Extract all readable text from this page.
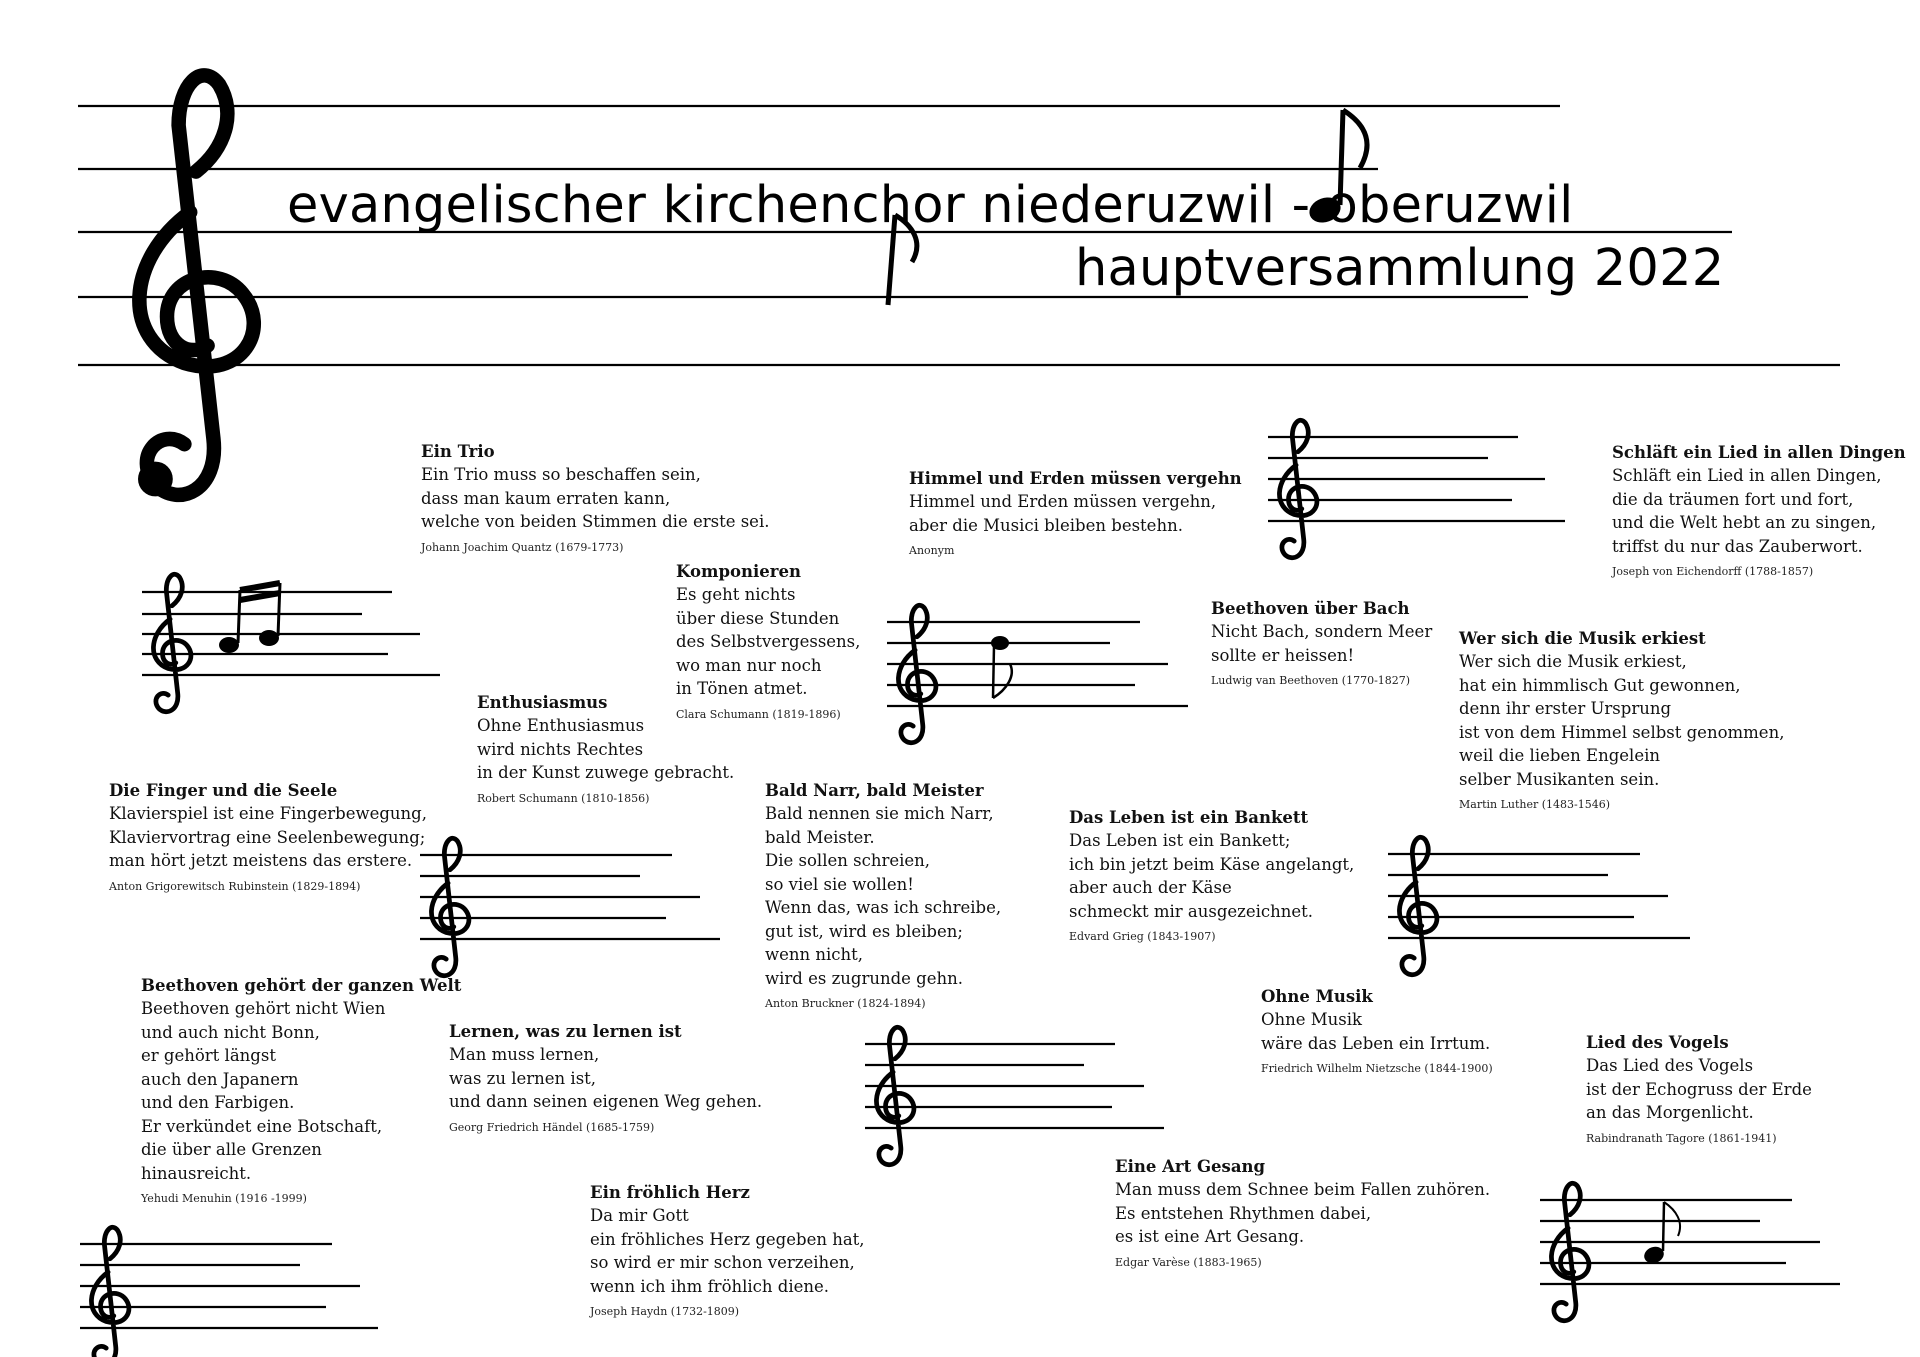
evangelischer kirchenchor niederuzwil - oberuzwil
hauptversammlung 2022
Ein Trio
Ein Trio muss so beschaffen sein,
dass man kaum erraten kann,
welche von beiden Stimmen die erste sei.
Johann Joachim Quantz (1679-1773)
Himmel und Erden müssen vergehn
Himmel und Erden müssen vergehn,
aber die Musici bleiben bestehn.
Anonym
Schläft ein Lied in allen Dingen
Schläft ein Lied in allen Dingen,
die da träumen fort und fort,
und die Welt hebt an zu singen,
triffst du nur das Zauberwort.
Joseph von Eichendorff (1788-1857)
Komponieren
Es geht nichts
über diese Stunden
des Selbstvergessens,
wo man nur noch
in Tönen atmet.
Clara Schumann (1819-1896)
Beethoven über Bach
Nicht Bach, sondern Meer
sollte er heissen!
Ludwig van Beethoven (1770-1827)
Wer sich die Musik erkiest
Wer sich die Musik erkiest,
hat ein himmlisch Gut gewonnen,
denn ihr erster Ursprung
ist von dem Himmel selbst genommen,
weil die lieben Engelein
selber Musikanten sein.
Martin Luther (1483-1546)
Enthusiasmus
Ohne Enthusiasmus
wird nichts Rechtes
in der Kunst zuwege gebracht.
Robert Schumann (1810-1856)
Die Finger und die Seele
Klavierspiel ist eine Fingerbewegung,
Klaviervortrag eine Seelenbewegung;
man hört jetzt meistens das erstere.
Anton Grigorewitsch Rubinstein (1829-1894)
Bald Narr, bald Meister
Bald nennen sie mich Narr,
bald Meister.
Die sollen schreien,
so viel sie wollen!
Wenn das, was ich schreibe,
gut ist, wird es bleiben;
wenn nicht,
wird es zugrunde gehn.
Anton Bruckner (1824-1894)
Das Leben ist ein Bankett
Das Leben ist ein Bankett;
ich bin jetzt beim Käse angelangt,
aber auch der Käse
schmeckt mir ausgezeichnet.
Edvard Grieg (1843-1907)
Beethoven gehört der ganzen Welt
Beethoven gehört nicht Wien
und auch nicht Bonn,
er gehört längst
auch den Japanern
und den Farbigen.
Er verkündet eine Botschaft,
die über alle Grenzen
hinausreicht.
Yehudi Menuhin (1916 -1999)
Lernen, was zu lernen ist
Man muss lernen,
was zu lernen ist,
und dann seinen eigenen Weg gehen.
Georg Friedrich Händel (1685-1759)
Ohne Musik
Ohne Musik
wäre das Leben ein Irrtum.
Friedrich Wilhelm Nietzsche (1844-1900)
Lied des Vogels
Das Lied des Vogels
ist der Echogruss der Erde
an das Morgenlicht.
Rabindranath Tagore (1861-1941)
Eine Art Gesang
Man muss dem Schnee beim Fallen zuhören.
Es entstehen Rhythmen dabei,
es ist eine Art Gesang.
Edgar Varèse (1883-1965)
Ein fröhlich Herz
Da mir Gott
ein fröhliches Herz gegeben hat,
so wird er mir schon verzeihen,
wenn ich ihm fröhlich diene.
Joseph Haydn (1732-1809)
